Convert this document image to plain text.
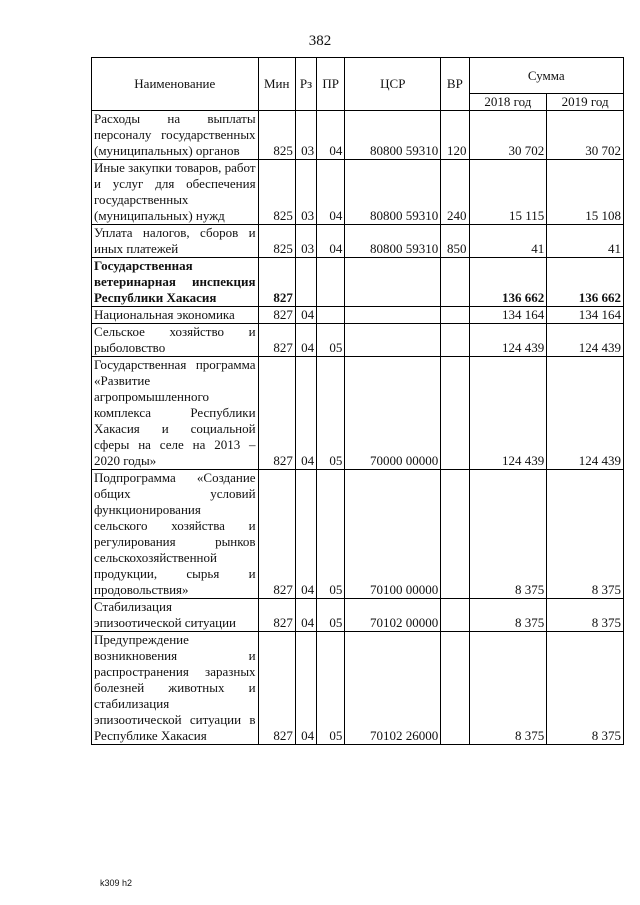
382
Наименование	Мин	Рз	ПР	ЦСР	ВР	Сумма	
						2018 год	2019 год
Расходы на выплаты персоналу государственных (муниципальных) органов	825	03	04	80800 59310	120	30 702	30 702
Иные закупки товаров, работ и услуг для обеспечения государственных (муниципальных) нужд	825	03	04	80800 59310	240	15 115	15 108
Уплата налогов, сборов и иных платежей	825	03	04	80800 59310	850	41	41
Государственная ветеринарная инспекция Республики Хакасия	827					136 662	136 662
Национальная экономика	827	04				134 164	134 164
Сельское хозяйство и рыболовство	827	04	05			124 439	124 439
Государственная программа «Развитие агропромышленного комплекса Республики Хакасия и социальной сферы на селе на 2013 – 2020 годы»	827	04	05	70000 00000		124 439	124 439
Подпрограмма «Создание общих условий функционирования сельского хозяйства и регулирования рынков сельскохозяйственной продукции, сырья и продовольствия»	827	04	05	70100 00000		8 375	8 375
Стабилизация эпизоотической ситуации	827	04	05	70102 00000		8 375	8 375
Предупреждение возникновения и распространения заразных болезней животных и стабилизация эпизоотической ситуации в Республике Хакасия	827	04	05	70102 26000		8 375	8 375
k309 h2
